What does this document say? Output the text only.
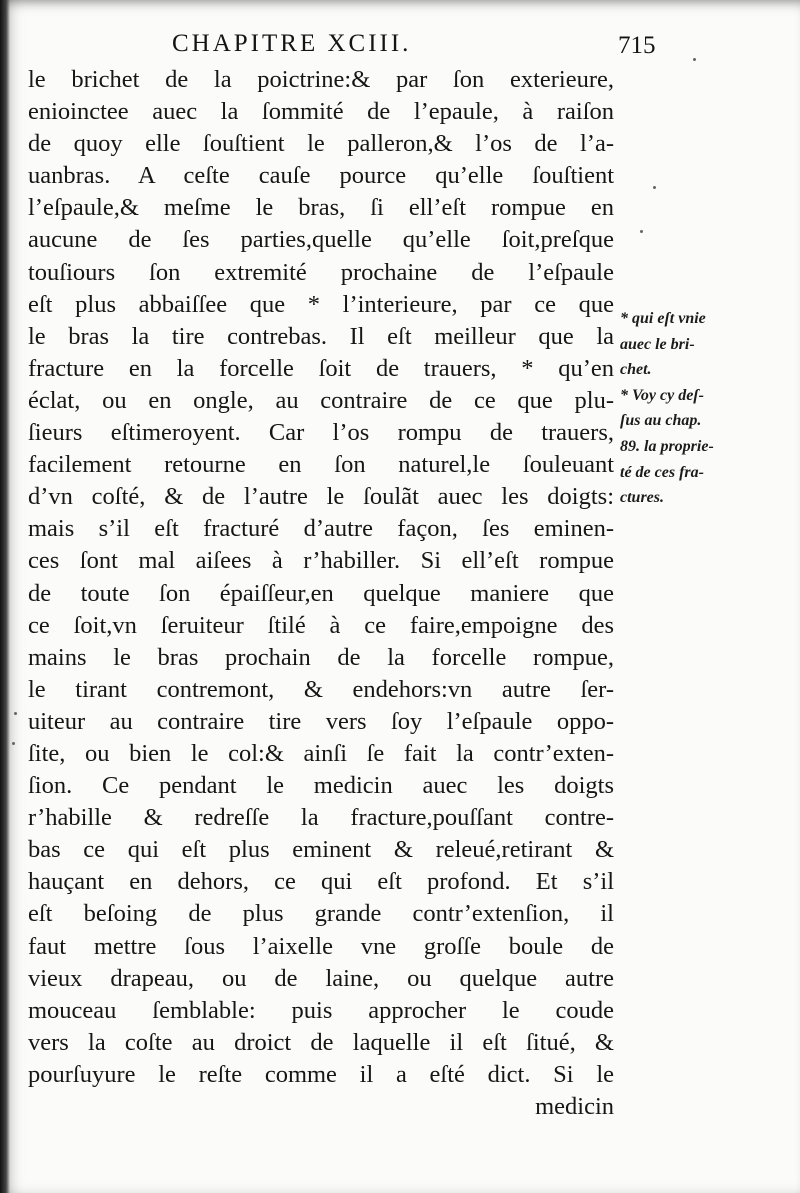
CHAPITRE XCIII.	715
le brichet de la poictrine:& par ſon exterieure,
enioinctee auec la ſommité de l’epaule, à raiſon
de quoy elle ſouſtient le palleron,& l’os de l’a-
uanbras. A ceſte cauſe pource qu’elle ſouſtient
l’eſpaule,& meſme le bras, ſi ell’eſt rompue en
aucune de ſes parties,quelle qu’elle ſoit,preſque
touſiours ſon extremité prochaine de l’eſpaule
eſt plus abbaiſſee que * l’interieure, par ce que
le bras la tire contrebas. Il eſt meilleur que la
fracture en la forcelle ſoit de trauers, * qu’en
éclat, ou en ongle, au contraire de ce que plu-
ſieurs eſtimeroyent. Car l’os rompu de trauers,
facilement retourne en ſon naturel,le ſouleuant
d’vn coſté, & de l’autre le ſoulãt auec les doigts:
mais s’il eſt fracturé d’autre façon, ſes eminen-
ces ſont mal aiſees à r’habiller. Si ell’eſt rompue
de toute ſon épaiſſeur,en quelque maniere que
ce ſoit,vn ſeruiteur ſtilé à ce faire,empoigne des
mains le bras prochain de la forcelle rompue,
le tirant contremont, & endehors:vn autre ſer-
uiteur au contraire tire vers ſoy l’eſpaule oppo-
ſite, ou bien le col:& ainſi ſe fait la contr’exten-
ſion. Ce pendant le medicin auec les doigts
r’habille & redreſſe la fracture,pouſſant contre-
bas ce qui eſt plus eminent & releué,retirant &
hauçant en dehors, ce qui eſt profond. Et s’il
eſt beſoing de plus grande contr’extenſion, il
faut mettre ſous l’aixelle vne groſſe boule de
vieux drapeau, ou de laine, ou quelque autre
mouceau ſemblable: puis approcher le coude
vers la coſte au droict de laquelle il eſt ſitué, &
pourſuyure le reſte comme il a eſté dict. Si le
medicin
* qui eſt vnie
auec le bri-
chet.
* Voy cy deſ-
ſus au chap.
89. la proprie-
té de ces fra-
ctures.
